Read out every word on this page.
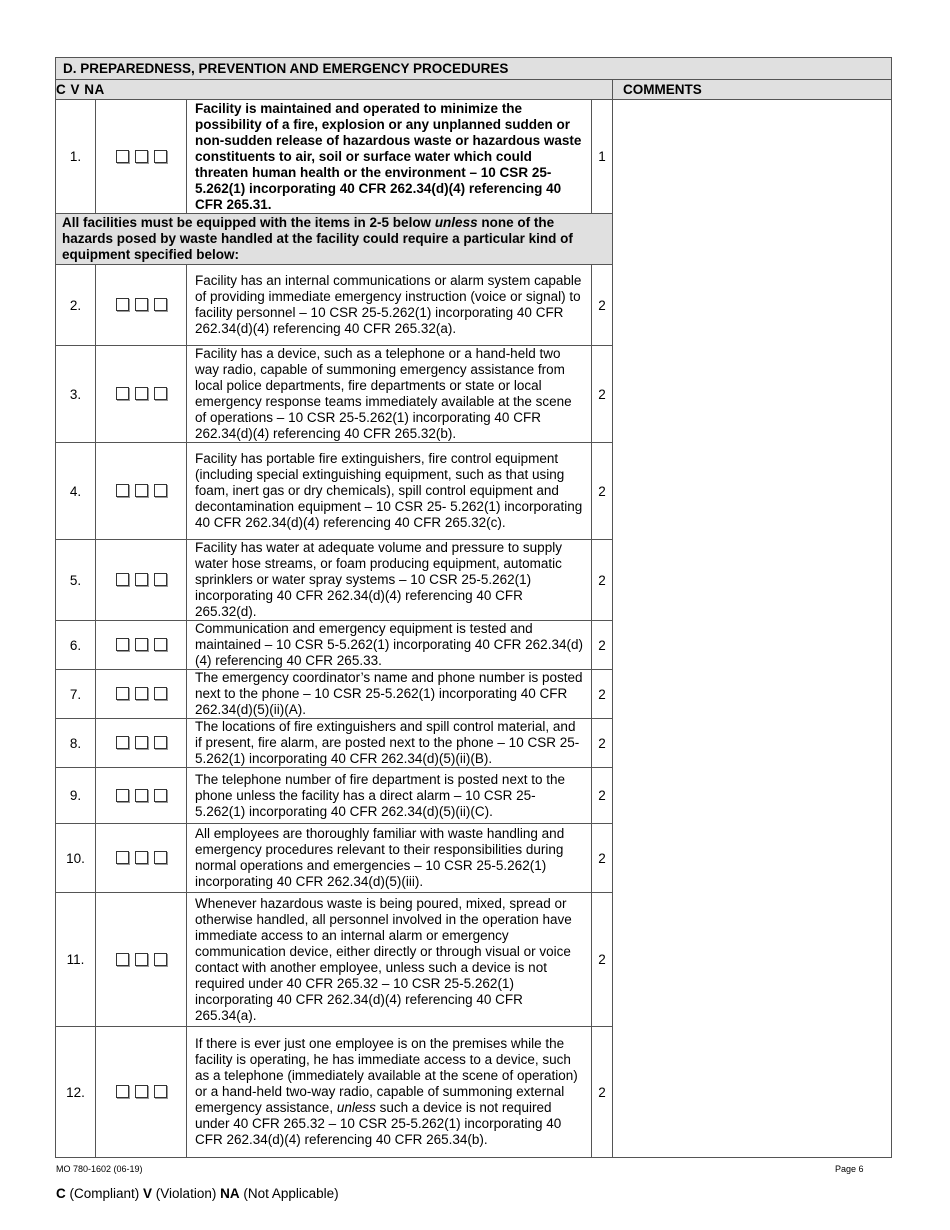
D. PREPAREDNESS, PREVENTION AND EMERGENCY PROCEDURES				
C V NA				COMMENTS
1.		Facility is maintained and operated to minimize the possibility of a fire, explosion or any unplanned sudden or non-sudden release of hazardous waste or hazardous waste constituents to air, soil or surface water which could threaten human health or the environment – 10 CSR 25-5.262(1) incorporating 40 CFR 262.34(d)(4) referencing 40 CFR 265.31.	1	
All facilities must be equipped with the items in 2-5 below unless none of the hazards posed by waste handled at the facility could require a particular kind of equipment specified below:				
2.		Facility has an internal communications or alarm system capable of providing immediate emergency instruction (voice or signal) to facility personnel – 10 CSR 25-5.262(1) incorporating 40 CFR 262.34(d)(4) referencing 40 CFR 265.32(a).	2	
3.		Facility has a device, such as a telephone or a hand-held two way radio, capable of summoning emergency assistance from local police departments, fire departments or state or local emergency response teams immediately available at the scene of operations – 10 CSR 25-5.262(1) incorporating 40 CFR 262.34(d)(4) referencing 40 CFR 265.32(b).	2	
4.		Facility has portable fire extinguishers, fire control equipment (including special extinguishing equipment, such as that using foam, inert gas or dry chemicals), spill control equipment and decontamination equipment – 10 CSR 25- 5.262(1) incorporating 40 CFR 262.34(d)(4) referencing 40 CFR 265.32(c).	2	
5.		Facility has water at adequate volume and pressure to supply water hose streams, or foam producing equipment, automatic sprinklers or water spray systems – 10 CSR 25-5.262(1) incorporating 40 CFR 262.34(d)(4) referencing 40 CFR 265.32(d).	2	
6.		Communication and emergency equipment is tested and maintained – 10 CSR 5-5.262(1) incorporating 40 CFR 262.34(d)(4) referencing 40 CFR 265.33.	2	
7.		The emergency coordinator’s name and phone number is posted next to the phone – 10 CSR 25-5.262(1) incorporating 40 CFR 262.34(d)(5)(ii)(A).	2	
8.		The locations of fire extinguishers and spill control material, and if present, fire alarm, are posted next to the phone – 10 CSR 25-5.262(1) incorporating 40 CFR 262.34(d)(5)(ii)(B).	2	
9.		The telephone number of fire department is posted next to the phone unless the facility has a direct alarm – 10 CSR 25-5.262(1) incorporating 40 CFR 262.34(d)(5)(ii)(C).	2	
10.		All employees are thoroughly familiar with waste handling and emergency procedures relevant to their responsibilities during normal operations and emergencies – 10 CSR 25-5.262(1) incorporating 40 CFR 262.34(d)(5)(iii).	2	
11.		Whenever hazardous waste is being poured, mixed, spread or otherwise handled, all personnel involved in the operation have immediate access to an internal alarm or emergency communication device, either directly or through visual or voice contact with another employee, unless such a device is not required under 40 CFR 265.32 – 10 CSR 25-5.262(1) incorporating 40 CFR 262.34(d)(4) referencing 40 CFR 265.34(a).	2	
12.		If there is ever just one employee is on the premises while the facility is operating, he has immediate access to a device, such as a telephone (immediately available at the scene of operation) or a hand-held two-way radio, capable of summoning external emergency assistance, unless such a device is not required under 40 CFR 265.32 – 10 CSR 25-5.262(1) incorporating 40 CFR 262.34(d)(4) referencing 40 CFR 265.34(b).	2	
MO 780-1602 (06-19)	Page 6
C (Compliant) V (Violation) NA (Not Applicable)
